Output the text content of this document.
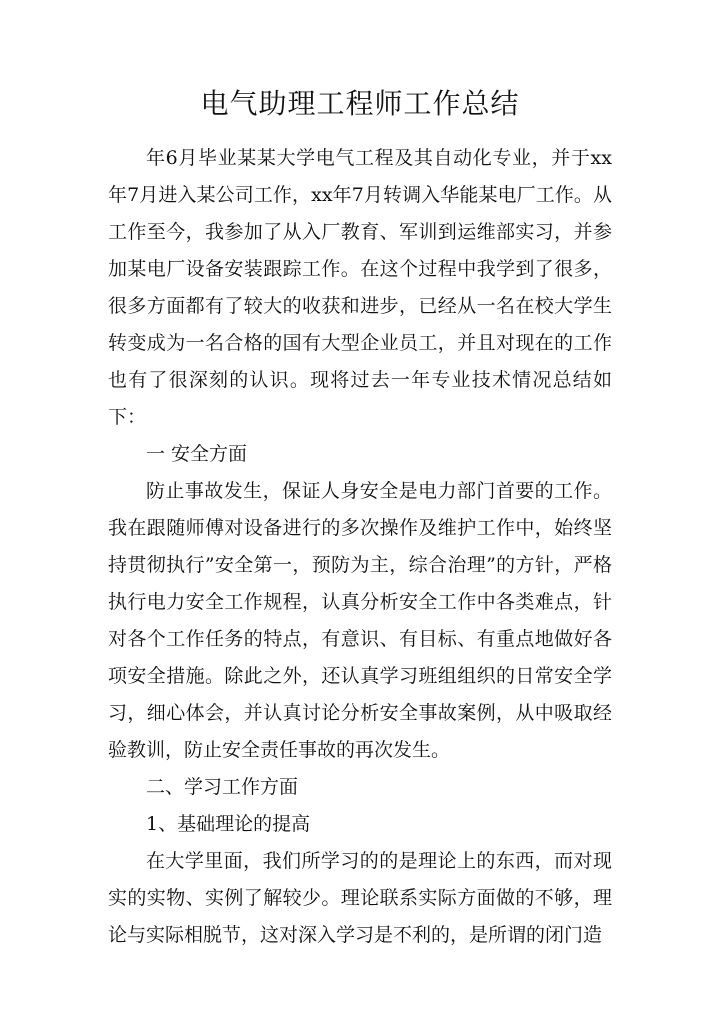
电气助理工程师工作总结

年6月毕业某某大学电气工程及其自动化专业，并于xx年7月进入某公司工作，xx年7月转调入华能某电厂工作。从工作至今，我参加了从入厂教育、军训到运维部实习，并参加某电厂设备安装跟踪工作。在这个过程中我学到了很多，很多方面都有了较大的收获和进步，已经从一名在校大学生转变成为一名合格的国有大型企业员工，并且对现在的工作也有了很深刻的认识。现将过去一年专业技术情况总结如下：

一 安全方面

防止事故发生，保证人身安全是电力部门首要的工作。我在跟随师傅对设备进行的多次操作及维护工作中，始终坚持贯彻执行”安全第一，预防为主，综合治理”的方针，严格执行电力安全工作规程，认真分析安全工作中各类难点，针对各个工作任务的特点，有意识、有目标、有重点地做好各项安全措施。除此之外，还认真学习班组组织的日常安全学习，细心体会，并认真讨论分析安全事故案例，从中吸取经验教训，防止安全责任事故的再次发生。

二、学习工作方面

1、基础理论的提高

在大学里面，我们所学习的的是理论上的东西，而对现实的实物、实例了解较少。理论联系实际方面做的不够，理论与实际相脱节，这对深入学习是不利的，是所谓的闭门造
